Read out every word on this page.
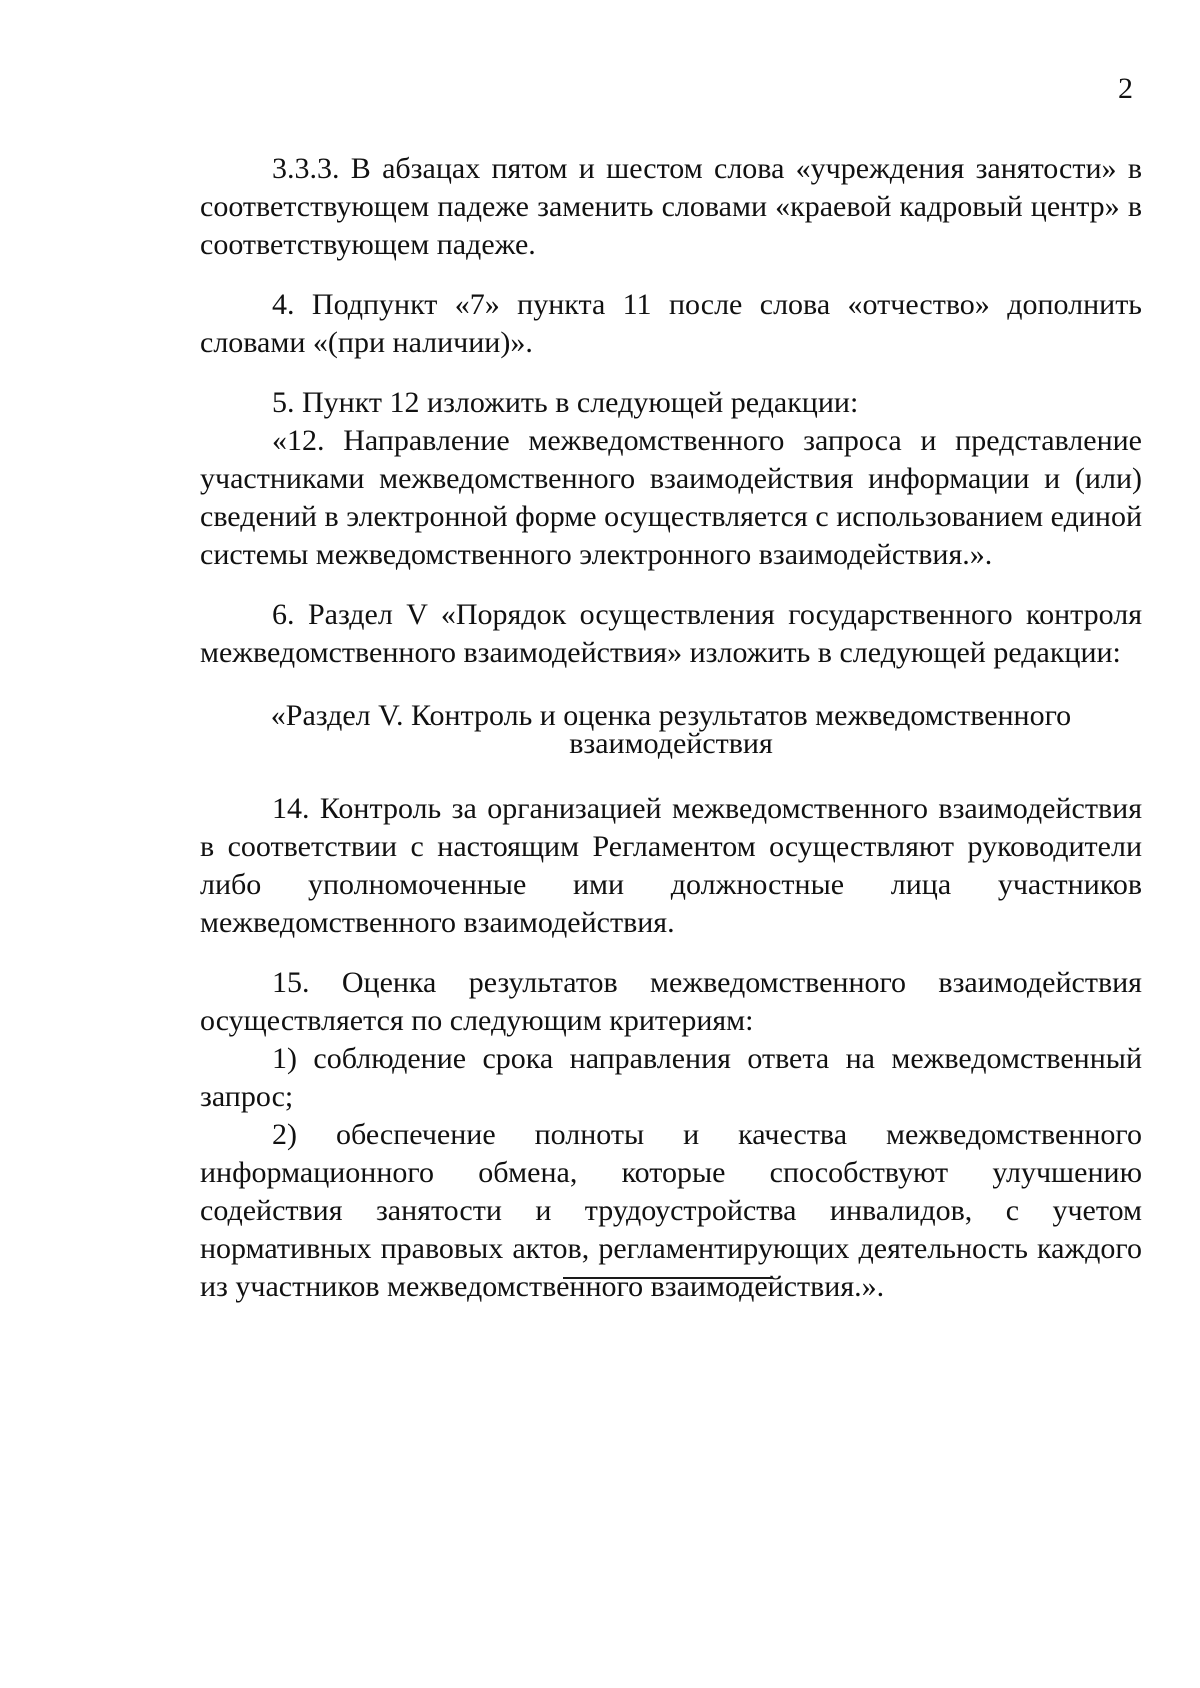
2

3.3.3. В абзацах пятом и шестом слова «учреждения занятости» в соответствующем падеже заменить словами «краевой кадровый центр» в соответствующем падеже.

4. Подпункт «7» пункта 11 после слова «отчество» дополнить словами «(при наличии)».

5. Пункт 12 изложить в следующей редакции:

«12. Направление межведомственного запроса и представление участниками межведомственного взаимодействия информации и (или) сведений в электронной форме осуществляется с использованием единой системы межведомственного электронного взаимодействия.».

6. Раздел V «Порядок осуществления государственного контроля межведомственного взаимодействия» изложить в следующей редакции:

«Раздел V. Контроль и оценка результатов межведомственного взаимодействия

14. Контроль за организацией межведомственного взаимодействия в соответствии с настоящим Регламентом осуществляют руководители либо уполномоченные ими должностные лица участников межведомственного взаимодействия.

15. Оценка результатов межведомственного взаимодействия осуществляется по следующим критериям:

1) соблюдение срока направления ответа на межведомственный запрос;

2) обеспечение полноты и качества межведомственного информационного обмена, которые способствуют улучшению содействия занятости и трудоустройства инвалидов, с учетом нормативных правовых актов, регламентирующих деятельность каждого из участников межведомственного взаимодействия.».
